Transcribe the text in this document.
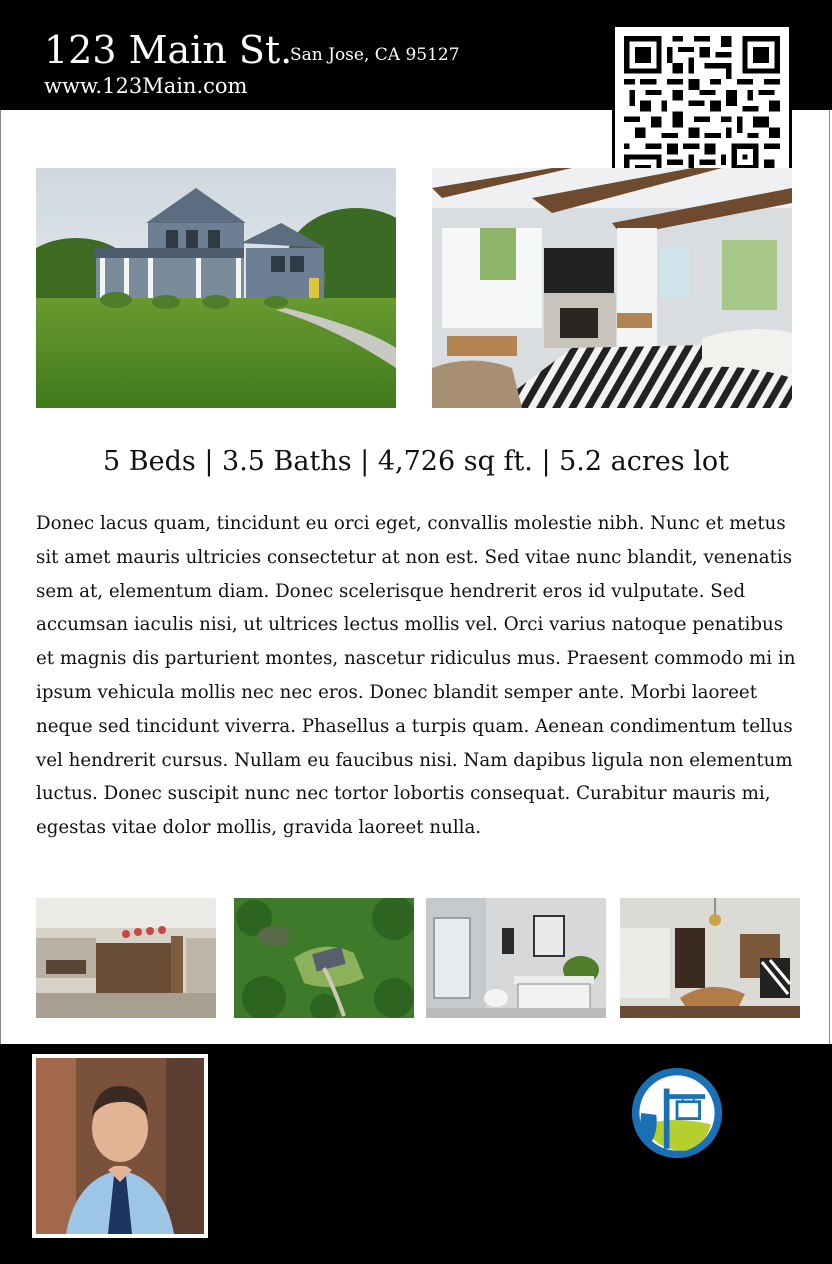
123 Main St.
San Jose, CA 95127
www.123Main.com
5 Beds | 3.5 Baths | 4,726 sq ft. | 5.2 acres lot
Donec lacus quam, tincidunt eu orci eget, convallis molestie nibh. Nunc et metus sit amet mauris ultricies consectetur at non est. Sed vitae nunc blandit, venenatis sem at, elementum diam. Donec scelerisque hendrerit eros id vulputate. Sed accumsan iaculis nisi, ut ultrices lectus mollis vel. Orci varius natoque penatibus et magnis dis parturient montes, nascetur ridiculus mus. Praesent commodo mi in ipsum vehicula mollis nec nec eros. Donec blandit semper ante. Morbi laoreet neque sed tincidunt viverra. Phasellus a turpis quam. Aenean condimentum tellus vel hendrerit cursus. Nullam eu faucibus nisi. Nam dapibus ligula non elementum luctus. Donec suscipit nunc nec tortor lobortis consequat. Curabitur mauris mi, egestas vitae dolor mollis, gravida laoreet nulla.
Joe Realtor
408.123.4567
www.yourcompany.com
Joe.Realtor@yourcompany.com
DRE: #01234567
OPTICOM
Sign Post Services
